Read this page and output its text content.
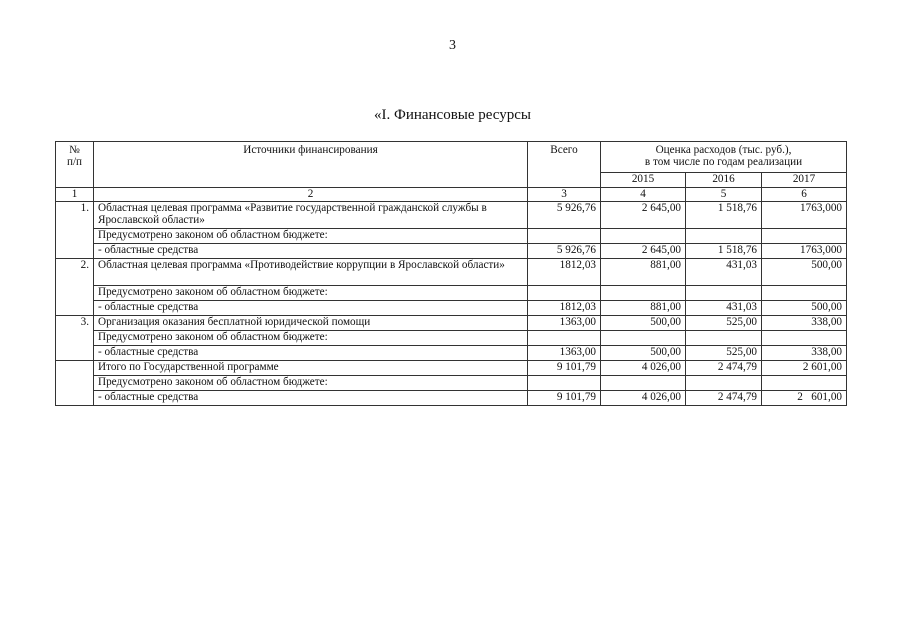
3
«I. Финансовые ресурсы
№
п/п	Источники финансирования	Всего	Оценка расходов (тыс. руб.),
в том числе по годам реализации		

			2015	2016	2017
1	2	3	4	5	6
1.	Областная целевая программа «Развитие государственной гражданской службы в Ярославской области»	5 926,76	2 645,00	1 518,76	1763,000
	Предусмотрено законом об областном бюджете:				
	- областные средства	5 926,76	2 645,00	1 518,76	1763,000
2.	Областная целевая программа «Противодействие коррупции в Ярославской области»	1812,03	881,00	431,03	500,00
	Предусмотрено законом об областном бюджете:				
	- областные средства	1812,03	881,00	431,03	500,00
3.	Организация оказания бесплатной юридической помощи	1363,00	500,00	525,00	338,00
	Предусмотрено законом об областном бюджете:				
	- областные средства	1363,00	500,00	525,00	338,00
	Итого по Государственной программе	9 101,79	4 026,00	2 474,79	2 601,00
	Предусмотрено законом об областном бюджете:				
	- областные средства	9 101,79	4 026,00	2 474,79	2   601,00
